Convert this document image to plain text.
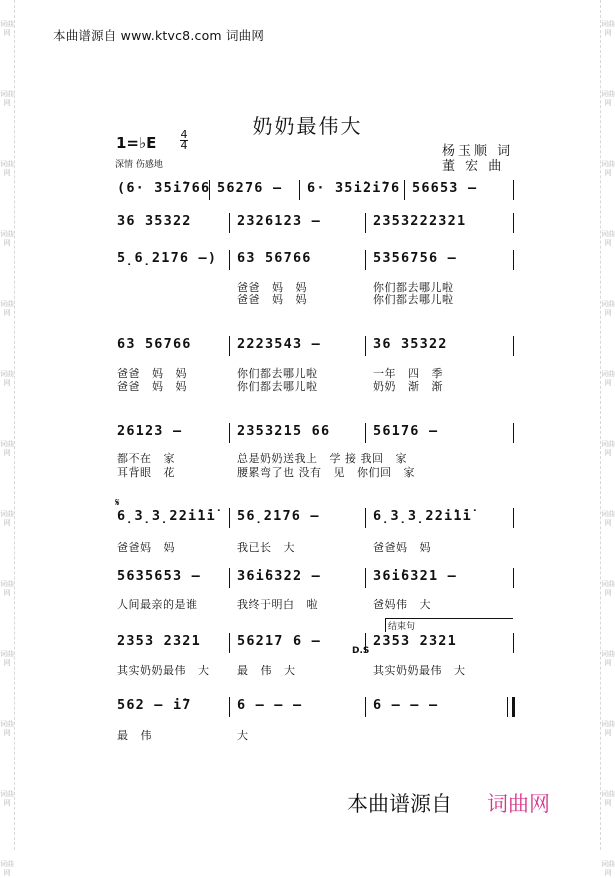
词曲网
词曲网
词曲网
词曲网
词曲网
词曲网
词曲网
词曲网
词曲网
词曲网
词曲网
词曲网
词曲网
词曲网
词曲网
词曲网
词曲网
词曲网
词曲网
词曲网
词曲网
词曲网
词曲网
词曲网
词曲网
词曲网
本曲谱源自 www.ktvc8.com 词曲网
奶奶最伟大
1=♭E 4
4
深情 伤感地
杨玉顺 词
董 宏 曲
(6· 35i̇766 56276 – 6· 35i̇2i̇76 56653 –
36 35322	2326123 –	2353222321
5̣6̣2176 –) 63 56766	5356756 –
爸爸   妈   妈	你们都去哪儿啦
爸爸   妈   妈	你们都去哪儿啦
63 56766	2223543 –	36 35322
爸爸   妈   妈	你们都去哪儿啦	一年   四   季
爸爸   妈   妈	你们都去哪儿啦	奶奶   渐   渐
26123 –	2353215 66	56176 –
都不在   家	总是奶奶送我上   学 接 我回   家
耳背眼   花	腰累弯了也 没有   见   你们回   家
6̣3̣3̣22i̇1̇i̇ 56̣2176 –	6̣3̣3̣22i̇1̇i̇
爸爸妈   妈	我已长   大	爸爸妈   妈
5635653 –	36i̇6322 –	36i̇6321 –
人间最亲的是谁	我终于明白   啦	爸妈伟   大
2353 2321	56217 6 –	2353 2321
其实奶奶最伟   大	最   伟   大	其实奶奶最伟   大
562 – i̇7	6 – – –	6 – – –
最   伟	大
𝄋
D.S
结束句
本曲谱源自 词曲网
